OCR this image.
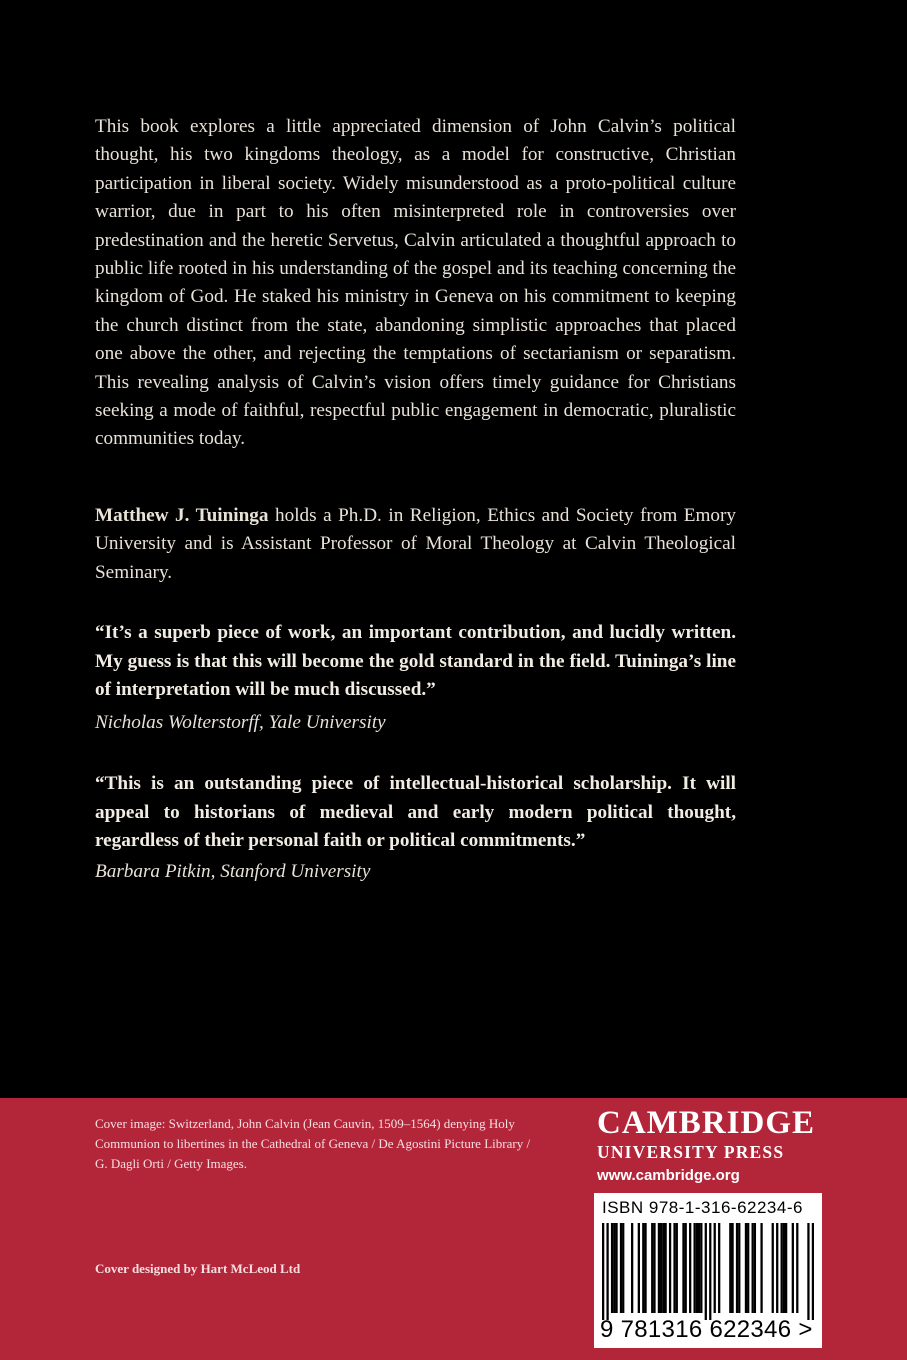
This book explores a little appreciated dimension of John Calvin’s political thought, his two kingdoms theology, as a model for constructive, Christian participation in liberal society. Widely misunderstood as a proto-political culture warrior, due in part to his often misinterpreted role in controversies over predestination and the heretic Servetus, Calvin articulated a thoughtful approach to public life rooted in his understanding of the gospel and its teaching concerning the kingdom of God. He staked his ministry in Geneva on his commitment to keeping the church distinct from the state, abandoning simplistic approaches that placed one above the other, and rejecting the temptations of sectarianism or separatism. This revealing analysis of Calvin’s vision offers timely guidance for Christians seeking a mode of faithful, respectful public engagement in democratic, pluralistic communities today.

Matthew J. Tuininga holds a Ph.D. in Religion, Ethics and Society from Emory University and is Assistant Professor of Moral Theology at Calvin Theological Seminary.

“It’s a superb piece of work, an important contribution, and lucidly written. My guess is that this will become the gold standard in the field. Tuininga’s line of interpretation will be much discussed.”

Nicholas Wolterstorff, Yale University

“This is an outstanding piece of intellectual-historical scholarship. It will appeal to historians of medieval and early modern political thought, regardless of their personal faith or political commitments.”

Barbara Pitkin, Stanford University

Cover image: Switzerland, John Calvin (Jean Cauvin, 1509–1564) denying Holy Communion to libertines in the Cathedral of Geneva / De Agostini Picture Library / G. Dagli Orti / Getty Images.

Cover designed by Hart McLeod Ltd

CAMBRIDGE

UNIVERSITY PRESS

www.cambridge.org

ISBN 978-1-316-62234-6

9 781316 622346 >
